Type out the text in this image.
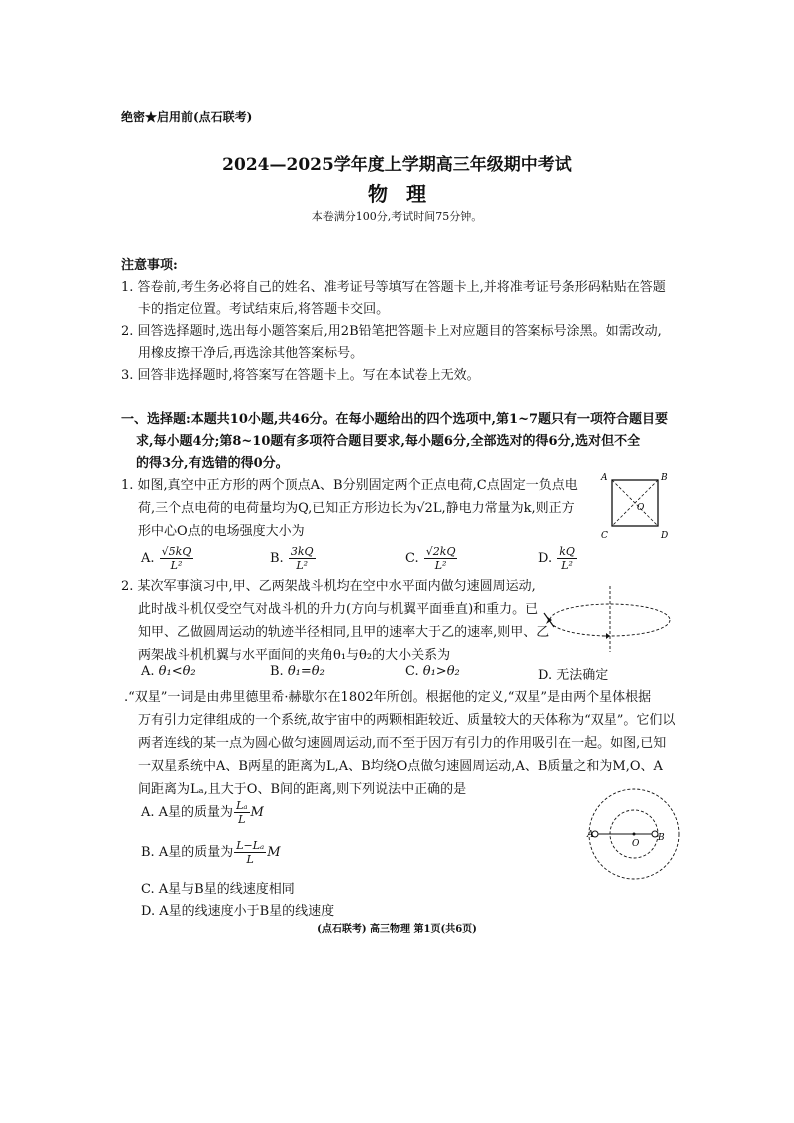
绝密★启用前(点石联考)
2024—2025学年度上学期高三年级期中考试
物理
本卷满分100分,考试时间75分钟。
注意事项:
1. 答卷前,考生务必将自己的姓名、准考证号等填写在答题卡上,并将准考证号条形码粘贴在答题
卡的指定位置。考试结束后,将答题卡交回。
2. 回答选择题时,选出每小题答案后,用2B铅笔把答题卡上对应题目的答案标号涂黑。如需改动,
用橡皮擦干净后,再选涂其他答案标号。
3. 回答非选择题时,将答案写在答题卡上。写在本试卷上无效。
一、选择题:本题共10小题,共46分。在每小题给出的四个选项中,第1~7题只有一项符合题目要
求,每小题4分;第8~10题有多项符合题目要求,每小题6分,全部选对的得6分,选对但不全
的得3分,有选错的得0分。
1. 如图,真空中正方形的两个顶点A、B分别固定两个正点电荷,C点固定一负点电
荷,三个点电荷的电荷量均为Q,已知正方形边长为√2L,静电力常量为k,则正方
形中心O点的电场强度大小为
A. $\frac{√5kQ}{\text{L²}}$	B. $\frac{3kQ}{\text{L²}}$	C. $\frac{√2kQ}{\text{L²}}$	D. $\frac{kQ}{\text{L²}}$
A	B
C	D
O
2. 某次军事演习中,甲、乙两架战斗机均在空中水平面内做匀速圆周运动,
此时战斗机仅受空气对战斗机的升力(方向与机翼平面垂直)和重力。已
知甲、乙做圆周运动的轨迹半径相同,且甲的速率大于乙的速率,则甲、乙
两架战斗机机翼与水平面间的夹角θ₁与θ₂的大小关系为
A. θ₁<θ₂	B. θ₁=θ₂	C. θ₁>θ₂	D. 无法确定
.“双星”一词是由弗里德里希·赫歇尔在1802年所创。根据他的定义,“双星”是由两个星体根据
万有引力定律组成的一个系统,故宇宙中的两颗相距较近、质量较大的天体称为“双星”。它们以
两者连线的某一点为圆心做匀速圆周运动,而不至于因万有引力的作用吸引在一起。如图,已知
一双星系统中A、B两星的距离为L,A、B均绕O点做匀速圆周运动,A、B质量之和为M,O、A
间距离为Lₐ,且大于O、B间的距离,则下列说法中正确的是
A. A星的质量为 $\frac{\text{Lₐ}}{L}$ M
B. A星的质量为 $\frac{\text{L−Lₐ}}{L}$ M
C. A星与B星的线速度相同
D. A星的线速度小于B星的线速度
A	B
O
(点石联考) 高三物理 第1页(共6页)
